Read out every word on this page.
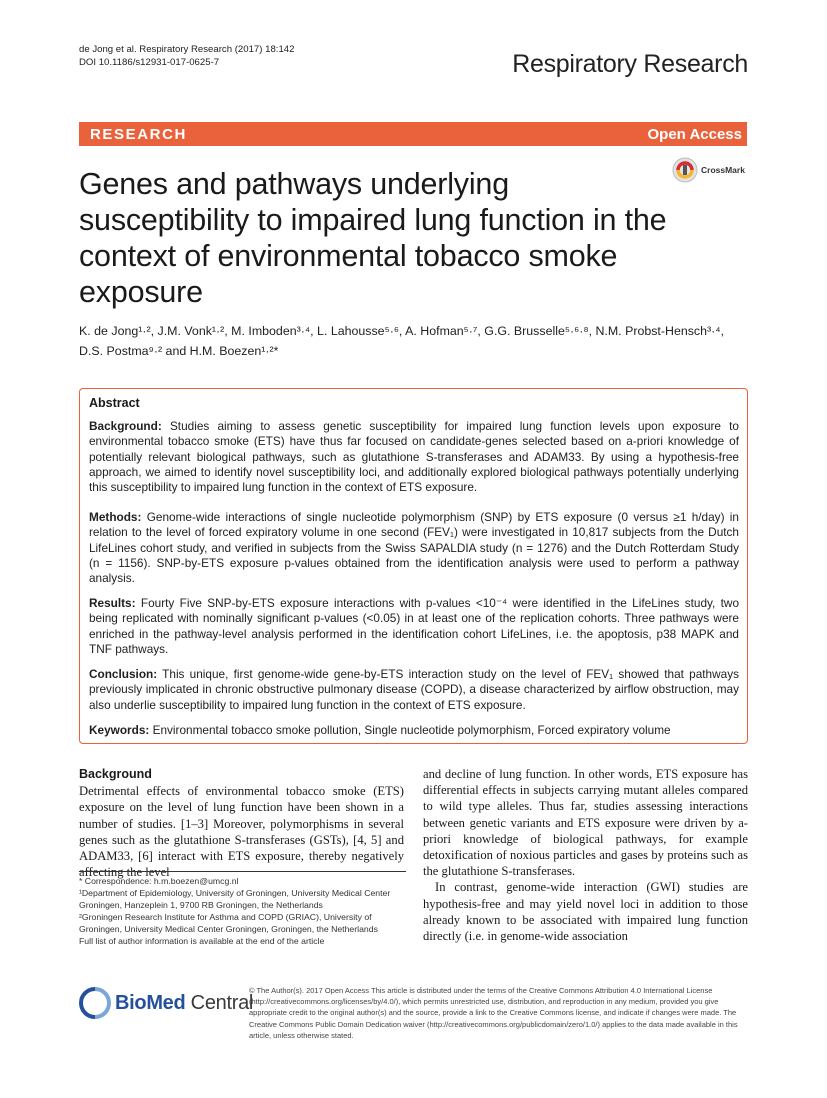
de Jong et al. Respiratory Research (2017) 18:142
DOI 10.1186/s12931-017-0625-7	Respiratory Research
RESEARCH	Open Access
CrossMark
Genes and pathways underlying susceptibility to impaired lung function in the context of environmental tobacco smoke exposure
K. de Jong¹·², J.M. Vonk¹·², M. Imboden³·⁴, L. Lahousse⁵·⁶, A. Hofman⁵·⁷, G.G. Brusselle⁵·⁶·⁸, N.M. Probst-Hensch³·⁴,
D.S. Postma⁹·² and H.M. Boezen¹·²*
Abstract
Background: Studies aiming to assess genetic susceptibility for impaired lung function levels upon exposure to environmental tobacco smoke (ETS) have thus far focused on candidate-genes selected based on a-priori knowledge of potentially relevant biological pathways, such as glutathione S-transferases and ADAM33. By using a hypothesis-free approach, we aimed to identify novel susceptibility loci, and additionally explored biological pathways potentially underlying this susceptibility to impaired lung function in the context of ETS exposure.
Methods: Genome-wide interactions of single nucleotide polymorphism (SNP) by ETS exposure (0 versus ≥1 h/day) in relation to the level of forced expiratory volume in one second (FEV₁) were investigated in 10,817 subjects from the Dutch LifeLines cohort study, and verified in subjects from the Swiss SAPALDIA study (n = 1276) and the Dutch Rotterdam Study (n = 1156). SNP-by-ETS exposure p-values obtained from the identification analysis were used to perform a pathway analysis.
Results: Fourty Five SNP-by-ETS exposure interactions with p-values <10⁻⁴ were identified in the LifeLines study, two being replicated with nominally significant p-values (<0.05) in at least one of the replication cohorts. Three pathways were enriched in the pathway-level analysis performed in the identification cohort LifeLines, i.e. the apoptosis, p38 MAPK and TNF pathways.
Conclusion: This unique, first genome-wide gene-by-ETS interaction study on the level of FEV₁ showed that pathways previously implicated in chronic obstructive pulmonary disease (COPD), a disease characterized by airflow obstruction, may also underlie susceptibility to impaired lung function in the context of ETS exposure.
Keywords: Environmental tobacco smoke pollution, Single nucleotide polymorphism, Forced expiratory volume
Background

Detrimental effects of environmental tobacco smoke (ETS) exposure on the level of lung function have been shown in a number of studies. [1–3] Moreover, polymorphisms in several genes such as the glutathione S-transferases (GSTs), [4, 5] and ADAM33, [6] interact with ETS exposure, thereby negatively affecting the level

and decline of lung function. In other words, ETS exposure has differential effects in subjects carrying mutant alleles compared to wild type alleles. Thus far, studies assessing interactions between genetic variants and ETS exposure were driven by a-priori knowledge of biological pathways, for example detoxification of noxious particles and gases by proteins such as the glutathione S-transferases.

In contrast, genome-wide interaction (GWI) studies are hypothesis-free and may yield novel loci in addition to those already known to be associated with impaired lung function directly (i.e. in genome-wide association

* Correspondence: h.m.boezen@umcg.nl
¹Department of Epidemiology, University of Groningen, University Medical Center Groningen, Hanzeplein 1, 9700 RB Groningen, the Netherlands
²Groningen Research Institute for Asthma and COPD (GRIAC), University of Groningen, University Medical Center Groningen, Groningen, the Netherlands
Full list of author information is available at the end of the article
BioMed Central
© The Author(s). 2017 Open Access This article is distributed under the terms of the Creative Commons Attribution 4.0 International License (http://creativecommons.org/licenses/by/4.0/), which permits unrestricted use, distribution, and reproduction in any medium, provided you give appropriate credit to the original author(s) and the source, provide a link to the Creative Commons license, and indicate if changes were made. The Creative Commons Public Domain Dedication waiver (http://creativecommons.org/publicdomain/zero/1.0/) applies to the data made available in this article, unless otherwise stated.
